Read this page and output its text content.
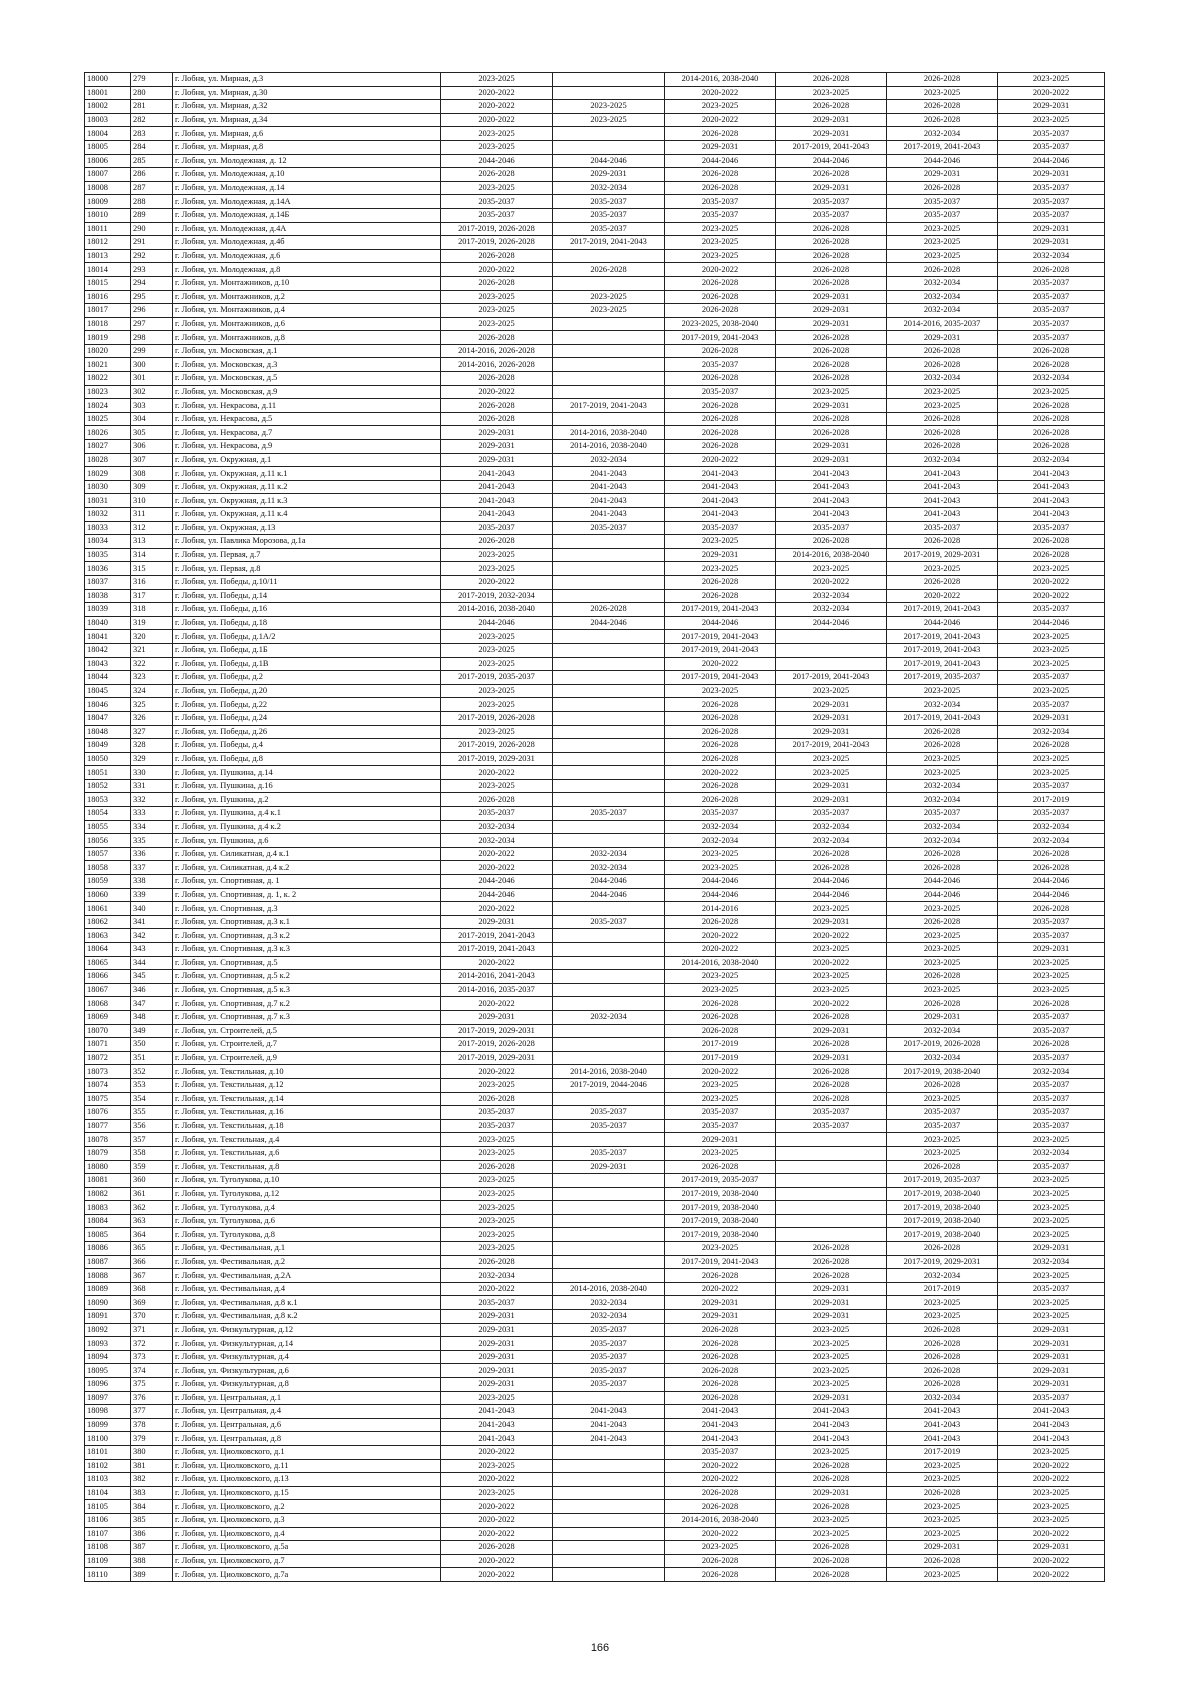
18000	279	г. Лобня, ул. Мирная, д.3	2023-2025		2014-2016, 2038-2040	2026-2028	2026-2028	2023-2025
18001	280	г. Лобня, ул. Мирная, д.30	2020-2022		2020-2022	2023-2025	2023-2025	2020-2022
18002	281	г. Лобня, ул. Мирная, д.32	2020-2022	2023-2025	2023-2025	2026-2028	2026-2028	2029-2031
18003	282	г. Лобня, ул. Мирная, д.34	2020-2022	2023-2025	2020-2022	2029-2031	2026-2028	2023-2025
18004	283	г. Лобня, ул. Мирная, д.6	2023-2025		2026-2028	2029-2031	2032-2034	2035-2037
18005	284	г. Лобня, ул. Мирная, д.8	2023-2025		2029-2031	2017-2019, 2041-2043	2017-2019, 2041-2043	2035-2037
18006	285	г. Лобня, ул. Молодежная, д. 12	2044-2046	2044-2046	2044-2046	2044-2046	2044-2046	2044-2046
18007	286	г. Лобня, ул. Молодежная, д.10	2026-2028	2029-2031	2026-2028	2026-2028	2029-2031	2029-2031
18008	287	г. Лобня, ул. Молодежная, д.14	2023-2025	2032-2034	2026-2028	2029-2031	2026-2028	2035-2037
18009	288	г. Лобня, ул. Молодежная, д.14А	2035-2037	2035-2037	2035-2037	2035-2037	2035-2037	2035-2037
18010	289	г. Лобня, ул. Молодежная, д.14Б	2035-2037	2035-2037	2035-2037	2035-2037	2035-2037	2035-2037
18011	290	г. Лобня, ул. Молодежная, д.4А	2017-2019, 2026-2028	2035-2037	2023-2025	2026-2028	2023-2025	2029-2031
18012	291	г. Лобня, ул. Молодежная, д.4б	2017-2019, 2026-2028	2017-2019, 2041-2043	2023-2025	2026-2028	2023-2025	2029-2031
18013	292	г. Лобня, ул. Молодежная, д.6	2026-2028		2023-2025	2026-2028	2023-2025	2032-2034
18014	293	г. Лобня, ул. Молодежная, д.8	2020-2022	2026-2028	2020-2022	2026-2028	2026-2028	2026-2028
18015	294	г. Лобня, ул. Монтажников, д.10	2026-2028		2026-2028	2026-2028	2032-2034	2035-2037
18016	295	г. Лобня, ул. Монтажников, д.2	2023-2025	2023-2025	2026-2028	2029-2031	2032-2034	2035-2037
18017	296	г. Лобня, ул. Монтажников, д.4	2023-2025	2023-2025	2026-2028	2029-2031	2032-2034	2035-2037
18018	297	г. Лобня, ул. Монтажников, д.6	2023-2025		2023-2025, 2038-2040	2029-2031	2014-2016, 2035-2037	2035-2037
18019	298	г. Лобня, ул. Монтажников, д.8	2026-2028		2017-2019, 2041-2043	2026-2028	2029-2031	2035-2037
18020	299	г. Лобня, ул. Московская, д.1	2014-2016, 2026-2028		2026-2028	2026-2028	2026-2028	2026-2028
18021	300	г. Лобня, ул. Московская, д.3	2014-2016, 2026-2028		2035-2037	2026-2028	2026-2028	2026-2028
18022	301	г. Лобня, ул. Московская, д.5	2026-2028		2026-2028	2026-2028	2032-2034	2032-2034
18023	302	г. Лобня, ул. Московская, д.9	2020-2022		2035-2037	2023-2025	2023-2025	2023-2025
18024	303	г. Лобня, ул. Некрасова, д.11	2026-2028	2017-2019, 2041-2043	2026-2028	2029-2031	2023-2025	2026-2028
18025	304	г. Лобня, ул. Некрасова, д.5	2026-2028		2026-2028	2026-2028	2026-2028	2026-2028
18026	305	г. Лобня, ул. Некрасова, д.7	2029-2031	2014-2016, 2038-2040	2026-2028	2026-2028	2026-2028	2026-2028
18027	306	г. Лобня, ул. Некрасова, д.9	2029-2031	2014-2016, 2038-2040	2026-2028	2029-2031	2026-2028	2026-2028
18028	307	г. Лобня, ул. Окружная, д.1	2029-2031	2032-2034	2020-2022	2029-2031	2032-2034	2032-2034
18029	308	г. Лобня, ул. Окружная, д.11 к.1	2041-2043	2041-2043	2041-2043	2041-2043	2041-2043	2041-2043
18030	309	г. Лобня, ул. Окружная, д.11 к.2	2041-2043	2041-2043	2041-2043	2041-2043	2041-2043	2041-2043
18031	310	г. Лобня, ул. Окружная, д.11 к.3	2041-2043	2041-2043	2041-2043	2041-2043	2041-2043	2041-2043
18032	311	г. Лобня, ул. Окружная, д.11 к.4	2041-2043	2041-2043	2041-2043	2041-2043	2041-2043	2041-2043
18033	312	г. Лобня, ул. Окружная, д.13	2035-2037	2035-2037	2035-2037	2035-2037	2035-2037	2035-2037
18034	313	г. Лобня, ул. Павлика Морозова, д.1а	2026-2028		2023-2025	2026-2028	2026-2028	2026-2028
18035	314	г. Лобня, ул. Первая, д.7	2023-2025		2029-2031	2014-2016, 2038-2040	2017-2019, 2029-2031	2026-2028
18036	315	г. Лобня, ул. Первая, д.8	2023-2025		2023-2025	2023-2025	2023-2025	2023-2025
18037	316	г. Лобня, ул. Победы, д.10/11	2020-2022		2026-2028	2020-2022	2026-2028	2020-2022
18038	317	г. Лобня, ул. Победы, д.14	2017-2019, 2032-2034		2026-2028	2032-2034	2020-2022	2020-2022
18039	318	г. Лобня, ул. Победы, д.16	2014-2016, 2038-2040	2026-2028	2017-2019, 2041-2043	2032-2034	2017-2019, 2041-2043	2035-2037
18040	319	г. Лобня, ул. Победы, д.18	2044-2046	2044-2046	2044-2046	2044-2046	2044-2046	2044-2046
18041	320	г. Лобня, ул. Победы, д.1А/2	2023-2025		2017-2019, 2041-2043		2017-2019, 2041-2043	2023-2025
18042	321	г. Лобня, ул. Победы, д.1Б	2023-2025		2017-2019, 2041-2043		2017-2019, 2041-2043	2023-2025
18043	322	г. Лобня, ул. Победы, д.1В	2023-2025		2020-2022		2017-2019, 2041-2043	2023-2025
18044	323	г. Лобня, ул. Победы, д.2	2017-2019, 2035-2037		2017-2019, 2041-2043	2017-2019, 2041-2043	2017-2019, 2035-2037	2035-2037
18045	324	г. Лобня, ул. Победы, д.20	2023-2025		2023-2025	2023-2025	2023-2025	2023-2025
18046	325	г. Лобня, ул. Победы, д.22	2023-2025		2026-2028	2029-2031	2032-2034	2035-2037
18047	326	г. Лобня, ул. Победы, д.24	2017-2019, 2026-2028		2026-2028	2029-2031	2017-2019, 2041-2043	2029-2031
18048	327	г. Лобня, ул. Победы, д.26	2023-2025		2026-2028	2029-2031	2026-2028	2032-2034
18049	328	г. Лобня, ул. Победы, д.4	2017-2019, 2026-2028		2026-2028	2017-2019, 2041-2043	2026-2028	2026-2028
18050	329	г. Лобня, ул. Победы, д.8	2017-2019, 2029-2031		2026-2028	2023-2025	2023-2025	2023-2025
18051	330	г. Лобня, ул. Пушкина, д.14	2020-2022		2020-2022	2023-2025	2023-2025	2023-2025
18052	331	г. Лобня, ул. Пушкина, д.16	2023-2025		2026-2028	2029-2031	2032-2034	2035-2037
18053	332	г. Лобня, ул. Пушкина, д.2	2026-2028		2026-2028	2029-2031	2032-2034	2017-2019
18054	333	г. Лобня, ул. Пушкина, д.4 к.1	2035-2037	2035-2037	2035-2037	2035-2037	2035-2037	2035-2037
18055	334	г. Лобня, ул. Пушкина, д.4 к.2	2032-2034		2032-2034	2032-2034	2032-2034	2032-2034
18056	335	г. Лобня, ул. Пушкина, д.6	2032-2034		2032-2034	2032-2034	2032-2034	2032-2034
18057	336	г. Лобня, ул. Силикатная, д.4 к.1	2020-2022	2032-2034	2023-2025	2026-2028	2026-2028	2026-2028
18058	337	г. Лобня, ул. Силикатная, д.4 к.2	2020-2022	2032-2034	2023-2025	2026-2028	2026-2028	2026-2028
18059	338	г. Лобня, ул. Спортивная, д. 1	2044-2046	2044-2046	2044-2046	2044-2046	2044-2046	2044-2046
18060	339	г. Лобня, ул. Спортивная, д. 1, к. 2	2044-2046	2044-2046	2044-2046	2044-2046	2044-2046	2044-2046
18061	340	г. Лобня, ул. Спортивная, д.3	2020-2022		2014-2016	2023-2025	2023-2025	2026-2028
18062	341	г. Лобня, ул. Спортивная, д.3 к.1	2029-2031	2035-2037	2026-2028	2029-2031	2026-2028	2035-2037
18063	342	г. Лобня, ул. Спортивная, д.3 к.2	2017-2019, 2041-2043		2020-2022	2020-2022	2023-2025	2035-2037
18064	343	г. Лобня, ул. Спортивная, д.3 к.3	2017-2019, 2041-2043		2020-2022	2023-2025	2023-2025	2029-2031
18065	344	г. Лобня, ул. Спортивная, д.5	2020-2022		2014-2016, 2038-2040	2020-2022	2023-2025	2023-2025
18066	345	г. Лобня, ул. Спортивная, д.5 к.2	2014-2016, 2041-2043		2023-2025	2023-2025	2026-2028	2023-2025
18067	346	г. Лобня, ул. Спортивная, д.5 к.3	2014-2016, 2035-2037		2023-2025	2023-2025	2023-2025	2023-2025
18068	347	г. Лобня, ул. Спортивная, д.7 к.2	2020-2022		2026-2028	2020-2022	2026-2028	2026-2028
18069	348	г. Лобня, ул. Спортивная, д.7 к.3	2029-2031	2032-2034	2026-2028	2026-2028	2029-2031	2035-2037
18070	349	г. Лобня, ул. Строителей, д.5	2017-2019, 2029-2031		2026-2028	2029-2031	2032-2034	2035-2037
18071	350	г. Лобня, ул. Строителей, д.7	2017-2019, 2026-2028		2017-2019	2026-2028	2017-2019, 2026-2028	2026-2028
18072	351	г. Лобня, ул. Строителей, д.9	2017-2019, 2029-2031		2017-2019	2029-2031	2032-2034	2035-2037
18073	352	г. Лобня, ул. Текстильная, д.10	2020-2022	2014-2016, 2038-2040	2020-2022	2026-2028	2017-2019, 2038-2040	2032-2034
18074	353	г. Лобня, ул. Текстильная, д.12	2023-2025	2017-2019, 2044-2046	2023-2025	2026-2028	2026-2028	2035-2037
18075	354	г. Лобня, ул. Текстильная, д.14	2026-2028		2023-2025	2026-2028	2023-2025	2035-2037
18076	355	г. Лобня, ул. Текстильная, д.16	2035-2037	2035-2037	2035-2037	2035-2037	2035-2037	2035-2037
18077	356	г. Лобня, ул. Текстильная, д.18	2035-2037	2035-2037	2035-2037	2035-2037	2035-2037	2035-2037
18078	357	г. Лобня, ул. Текстильная, д.4	2023-2025		2029-2031		2023-2025	2023-2025
18079	358	г. Лобня, ул. Текстильная, д.6	2023-2025	2035-2037	2023-2025		2023-2025	2032-2034
18080	359	г. Лобня, ул. Текстильная, д.8	2026-2028	2029-2031	2026-2028		2026-2028	2035-2037
18081	360	г. Лобня, ул. Туголукова, д.10	2023-2025		2017-2019, 2035-2037		2017-2019, 2035-2037	2023-2025
18082	361	г. Лобня, ул. Туголукова, д.12	2023-2025		2017-2019, 2038-2040		2017-2019, 2038-2040	2023-2025
18083	362	г. Лобня, ул. Туголукова, д.4	2023-2025		2017-2019, 2038-2040		2017-2019, 2038-2040	2023-2025
18084	363	г. Лобня, ул. Туголукова, д.6	2023-2025		2017-2019, 2038-2040		2017-2019, 2038-2040	2023-2025
18085	364	г. Лобня, ул. Туголукова, д.8	2023-2025		2017-2019, 2038-2040		2017-2019, 2038-2040	2023-2025
18086	365	г. Лобня, ул. Фестивальная, д.1	2023-2025		2023-2025	2026-2028	2026-2028	2029-2031
18087	366	г. Лобня, ул. Фестивальная, д.2	2026-2028		2017-2019, 2041-2043	2026-2028	2017-2019, 2029-2031	2032-2034
18088	367	г. Лобня, ул. Фестивальная, д.2А	2032-2034		2026-2028	2026-2028	2032-2034	2023-2025
18089	368	г. Лобня, ул. Фестивальная, д.4	2020-2022	2014-2016, 2038-2040	2020-2022	2029-2031	2017-2019	2035-2037
18090	369	г. Лобня, ул. Фестивальная, д.8 к.1	2035-2037	2032-2034	2029-2031	2029-2031	2023-2025	2023-2025
18091	370	г. Лобня, ул. Фестивальная, д.8 к.2	2029-2031	2032-2034	2029-2031	2029-2031	2023-2025	2023-2025
18092	371	г. Лобня, ул. Физкультурная, д.12	2029-2031	2035-2037	2026-2028	2023-2025	2026-2028	2029-2031
18093	372	г. Лобня, ул. Физкультурная, д.14	2029-2031	2035-2037	2026-2028	2023-2025	2026-2028	2029-2031
18094	373	г. Лобня, ул. Физкультурная, д.4	2029-2031	2035-2037	2026-2028	2023-2025	2026-2028	2029-2031
18095	374	г. Лобня, ул. Физкультурная, д.6	2029-2031	2035-2037	2026-2028	2023-2025	2026-2028	2029-2031
18096	375	г. Лобня, ул. Физкультурная, д.8	2029-2031	2035-2037	2026-2028	2023-2025	2026-2028	2029-2031
18097	376	г. Лобня, ул. Центральная, д.1	2023-2025		2026-2028	2029-2031	2032-2034	2035-2037
18098	377	г. Лобня, ул. Центральная, д.4	2041-2043	2041-2043	2041-2043	2041-2043	2041-2043	2041-2043
18099	378	г. Лобня, ул. Центральная, д.6	2041-2043	2041-2043	2041-2043	2041-2043	2041-2043	2041-2043
18100	379	г. Лобня, ул. Центральная, д.8	2041-2043	2041-2043	2041-2043	2041-2043	2041-2043	2041-2043
18101	380	г. Лобня, ул. Циолковского, д.1	2020-2022		2035-2037	2023-2025	2017-2019	2023-2025
18102	381	г. Лобня, ул. Циолковского, д.11	2023-2025		2020-2022	2026-2028	2023-2025	2020-2022
18103	382	г. Лобня, ул. Циолковского, д.13	2020-2022		2020-2022	2026-2028	2023-2025	2020-2022
18104	383	г. Лобня, ул. Циолковского, д.15	2023-2025		2026-2028	2029-2031	2026-2028	2023-2025
18105	384	г. Лобня, ул. Циолковского, д.2	2020-2022		2026-2028	2026-2028	2023-2025	2023-2025
18106	385	г. Лобня, ул. Циолковского, д.3	2020-2022		2014-2016, 2038-2040	2023-2025	2023-2025	2023-2025
18107	386	г. Лобня, ул. Циолковского, д.4	2020-2022		2020-2022	2023-2025	2023-2025	2020-2022
18108	387	г. Лобня, ул. Циолковского, д.5а	2026-2028		2023-2025	2026-2028	2029-2031	2029-2031
18109	388	г. Лобня, ул. Циолковского, д.7	2020-2022		2026-2028	2026-2028	2026-2028	2020-2022
18110	389	г. Лобня, ул. Циолковского, д.7а	2020-2022		2026-2028	2026-2028	2023-2025	2020-2022
166
